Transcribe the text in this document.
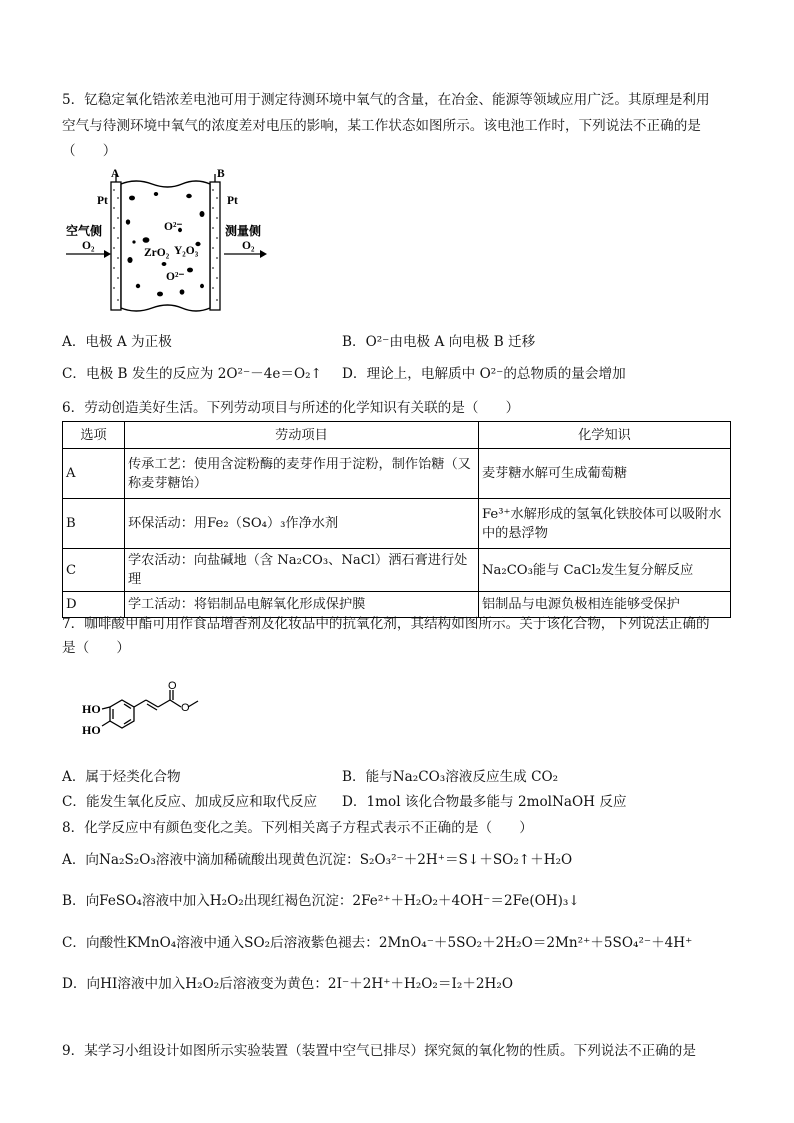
5．钇稳定氧化锆浓差电池可用于测定待测环境中氧气的含量，在冶金、能源等领域应用广泛。其原理是利用
空气与待测环境中氧气的浓度差对电压的影响，某工作状态如图所示。该电池工作时，下列说法不正确的是
（　　）
A	B
Pt	Pt
O²⁻
Y₂O₃
ZrO₂
O²⁻
空气侧	测量侧
O₂	O₂
A．电极 A 为正极	B．O²⁻由电极 A 向电极 B 迁移
C．电极 B 发生的反应为 2O²⁻－4e＝O₂↑ D．理论上，电解质中 O²⁻的总物质的量会增加
6．劳动创造美好生活。下列劳动项目与所述的化学知识有关联的是（　　）
选项	劳动项目	化学知识
A	传承工艺：使用含淀粉酶的麦芽作用于淀粉，制作饴糖（又称麦芽糖饴）	麦芽糖水解可生成葡萄糖
B	环保活动：用Fe₂（SO₄）₃作净水剂	Fe³⁺水解形成的氢氧化铁胶体可以吸附水中的悬浮物
C	学农活动：向盐碱地（含 Na₂CO₃、NaCl）洒石膏进行处理	Na₂CO₃能与 CaCl₂发生复分解反应
D	学工活动：将铝制品电解氧化形成保护膜	铝制品与电源负极相连能够受保护
7．咖啡酸甲酯可用作食品增香剂及化妆品中的抗氧化剂，其结构如图所示。关于该化合物，下列说法正确的
是（　　）
HO
HO
O
O
A．属于烃类化合物	B．能与Na₂CO₃溶液反应生成 CO₂
C．能发生氧化反应、加成反应和取代反应 D．1mol 该化合物最多能与 2molNaOH 反应
8．化学反应中有颜色变化之美。下列相关离子方程式表示不正确的是（　　）
A．向Na₂S₂O₃溶液中滴加稀硫酸出现黄色沉淀：S₂O₃²⁻＋2H⁺＝S↓＋SO₂↑＋H₂O
B．向FeSO₄溶液中加入H₂O₂出现红褐色沉淀：2Fe²⁺＋H₂O₂＋4OH⁻＝2Fe(OH)₃↓
C．向酸性KMnO₄溶液中通入SO₂后溶液紫色褪去：2MnO₄⁻＋5SO₂＋2H₂O＝2Mn²⁺＋5SO₄²⁻＋4H⁺
D．向HI溶液中加入H₂O₂后溶液变为黄色：2I⁻＋2H⁺＋H₂O₂＝I₂＋2H₂O
9．某学习小组设计如图所示实验装置（装置中空气已排尽）探究氮的氧化物的性质。下列说法不正确的是
